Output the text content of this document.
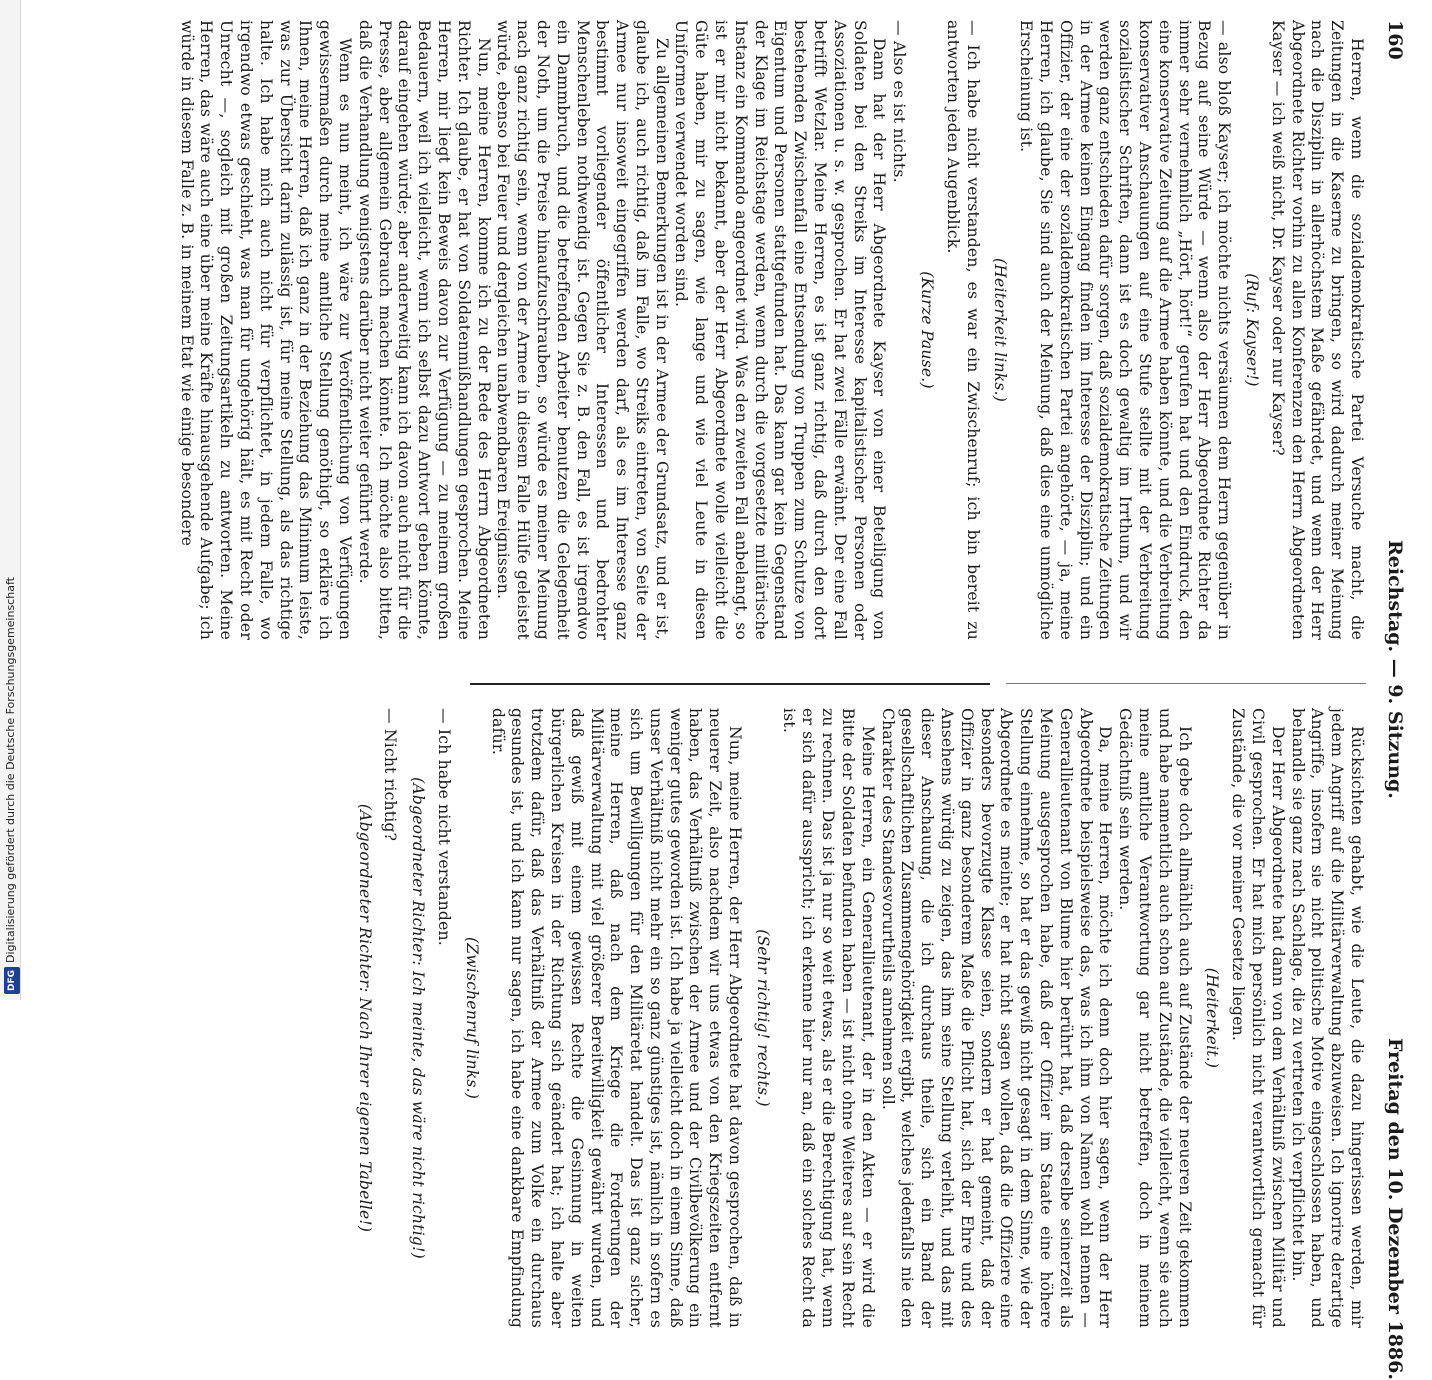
DFGDigitalisierung gefördert durch die Deutsche Forschungsgemeinschaft
160
Reichstag. — 9. Sitzung.
Freitag den 10. Dezember 1886.

Herren, wenn die sozialdemokratische Partei Versuche macht, die Zeitungen in die Kaserne zu bringen, so wird dadurch meiner Meinung nach die Disziplin in allerhöchstem Maße gefährdet, und wenn der Herr Abgeordnete Richter vorhin zu allen Konferenzen den Herrn Abgeordneten Kayser — ich weiß nicht, Dr. Kayser oder nur Kayser?

(Ruf: Kayser!)

— also bloß Kayser; ich möchte nichts versäumen dem Herrn gegenüber in Bezug auf seine Würde — wenn also der Herr Abgeordnete Richter da immer sehr vernehmlich „Hört, hört!“ gerufen hat und den Eindruck, den eine konservative Zeitung auf die Armee haben könnte, und die Verbreitung konservativer Anschauungen auf eine Stufe stellte mit der Verbreitung sozialistischer Schriften, dann ist es doch gewaltig im Irrthum, und wir werden ganz entschieden dafür sorgen, daß sozialdemokratische Zeitungen in der Armee keinen Eingang finden im Interesse der Disziplin; und ein Offizier, der eine der sozialdemokratischen Partei angehörte, — ja, meine Herren, ich glaube, Sie sind auch der Meinung, daß dies eine unmögliche Erscheinung ist.

(Heiterkeit links.)

— Ich habe nicht verstanden, es war ein Zwischenruf; ich bin bereit zu antworten jeden Augenblick.

(Kurze Pause.)

— Also es ist nichts.

Dann hat der Herr Abgeordnete Kayser von einer Beteiligung von Soldaten bei den Streiks im Interesse kapitalistischer Personen oder Assoziationen u. s. w. gesprochen. Er hat zwei Fälle erwähnt. Der eine Fall betrifft Wetzlar. Meine Herren, es ist ganz richtig, daß durch den dort bestehenden Zwischenfall eine Entsendung von Truppen zum Schutze von Eigentum und Personen stattgefunden hat. Das kann gar kein Gegenstand der Klage im Reichstage werden, wenn durch die vorgesetzte militärische Instanz ein Kommando angeordnet wird. Was den zweiten Fall anbelangt, so ist er mir nicht bekannt, aber der Herr Abgeordnete wolle vielleicht die Güte haben, mir zu sagen, wie lange und wie viel Leute in diesen Uniformen verwendet worden sind.

Zu allgemeinen Bemerkungen ist in der Armee der Grundsatz, und er ist, glaube ich, auch richtig, daß im Falle, wo Streiks eintreten, von Seite der Armee nur insoweit eingegriffen werden darf, als es im Interesse ganz bestimmt vorliegender öffentlicher Interessen und bedrohter Menschenleben nothwendig ist. Gegen Sie z. B. den Fall, es ist irgendwo ein Dammbruch, und die betreffenden Arbeiter benutzen die Gelegenheit der Noth, um die Preise hinaufzuschrauben, so würde es meiner Meinung nach ganz richtig sein, wenn von der Armee in diesem Falle Hülfe geleistet würde, ebenso bei Feuer und dergleichen unabwendbaren Ereignissen.

Nun, meine Herren, komme ich zu der Rede des Herrn Abgeordneten Richter. Ich glaube, er hat von Soldatenmißhandlungen gesprochen. Meine Herren, mir liegt kein Beweis davon zur Verfügung — zu meinem großen Bedauern, weil ich vielleicht, wenn ich selbst dazu Antwort geben könnte, darauf eingehen würde; aber anderweitig kann ich davon auch nicht für die Presse, aber allgemein Gebrauch machen könnte. Ich möchte also bitten, daß die Verhandlung wenigstens darüber nicht weiter geführt werde.

Wenn es nun meint, ich wäre zur Veröffentlichung von Verfügungen gewissermaßen durch meine amtliche Stellung genöthigt, so erkläre ich Ihnen, meine Herren, daß ich ganz in der Beziehung das Minimum leiste, was zur Übersicht darin zulässig ist, für meine Stellung, als das richtige halte. Ich habe mich auch nicht für verpflichtet, in jedem Falle, wo irgendwo etwas geschieht, was man für ungehörig hält, es mit Recht oder Unrecht —, sogleich mit großen Zeitungsartikeln zu antworten. Meine Herren, das wäre auch eine über meine Kräfte hinausgehende Aufgabe; ich würde in diesem Falle z. B. in meinem Etat wie einige besondere

Rücksichten gehabt, wie die Leute, die dazu hingerissen werden, mir jedem Angriff auf die Militärverwaltung abzuweisen. Ich ignorire derartige Angriffe, insofern sie nicht politische Motive eingeschlossen haben, und behandle sie ganz nach Sachlage, die zu vertreten ich verpflichtet bin.

Der Herr Abgeordnete hat dann von dem Verhältniß zwischen Militär und Civil gesprochen. Er hat mich persönlich nicht verantwortlich gemacht für Zustände, die vor meiner Gesetze liegen.

(Heiterkeit.)

Ich gebe doch allmählich auch auf Zustände der neueren Zeit gekommen und habe namentlich auch schon auf Zustände, die vielleicht, wenn sie auch meine amtliche Verantwortung gar nicht betreffen, doch in meinem Gedächtniß sein werden.

Da, meine Herren, möchte ich denn doch hier sagen, wenn der Herr Abgeordnete beispielsweise das, was ich ihm von Namen wohl nennen — Generallieutenant von Blume hier berührt hat, daß derselbe seinerzeit als Meinung ausgesprochen habe, daß der Offizier im Staate eine höhere Stellung einnehme, so hat er das gewiß nicht gesagt in dem Sinne, wie der Abgeordnete es meinte; er hat nicht sagen wollen, daß die Offiziere eine besonders bevorzugte Klasse seien, sondern er hat gemeint, daß der Offizier in ganz besonderem Maße die Pflicht hat, sich der Ehre und des Ansehens würdig zu zeigen, das ihm seine Stellung verleiht, und das mit dieser Anschauung, die ich durchaus theile, sich ein Band der gesellschaftlichen Zusammengehörigkeit ergibt, welches jedenfalls nie den Charakter des Standesvorurtheils annehmen soll.

Meine Herren, ein Generallieutenant, der in den Akten — er wird die Bitte der Soldaten befunden haben — ist nicht ohne Weiteres auf sein Recht zu rechnen. Das ist ja nur so weit etwas, als er die Berechtigung hat, wenn er sich dafür ausspricht; ich erkenne hier nur an, daß ein solches Recht da ist.

(Sehr richtig! rechts.)

Nun, meine Herren, der Herr Abgeordnete hat davon gesprochen, daß in neuerer Zeit, also nachdem wir uns etwas von den Kriegszeiten entfernt haben, das Verhältniß zwischen der Armee und der Civilbevölkerung ein weniger gutes geworden ist. Ich habe ja vielleicht doch in einem Sinne, daß unser Verhältniß nicht mehr ein so ganz günstiges ist, nämlich in sofern es sich um Bewilligungen für den Militäretat handelt. Das ist ganz sicher, meine Herren, daß nach dem Kriege die Forderungen der Militärverwaltung mit viel größerer Bereitwilligkeit gewährt wurden, und daß gewiß mit einem gewissen Rechte die Gesinnung in weiten bürgerlichen Kreisen in der Richtung sich geändert hat; ich halte aber trotzdem dafür, daß das Verhältniß der Armee zum Volke ein durchaus gesundes ist, und ich kann nur sagen, ich habe eine dankbare Empfindung dafür.

(Zwischenruf links.)

— Ich habe nicht verstanden.

(Abgeordneter Richter: Ich meinte, das wäre nicht richtig!)

— Nicht richtig?

(Abgeordneter Richter: Nach Ihrer eigenen Tabelle!)
